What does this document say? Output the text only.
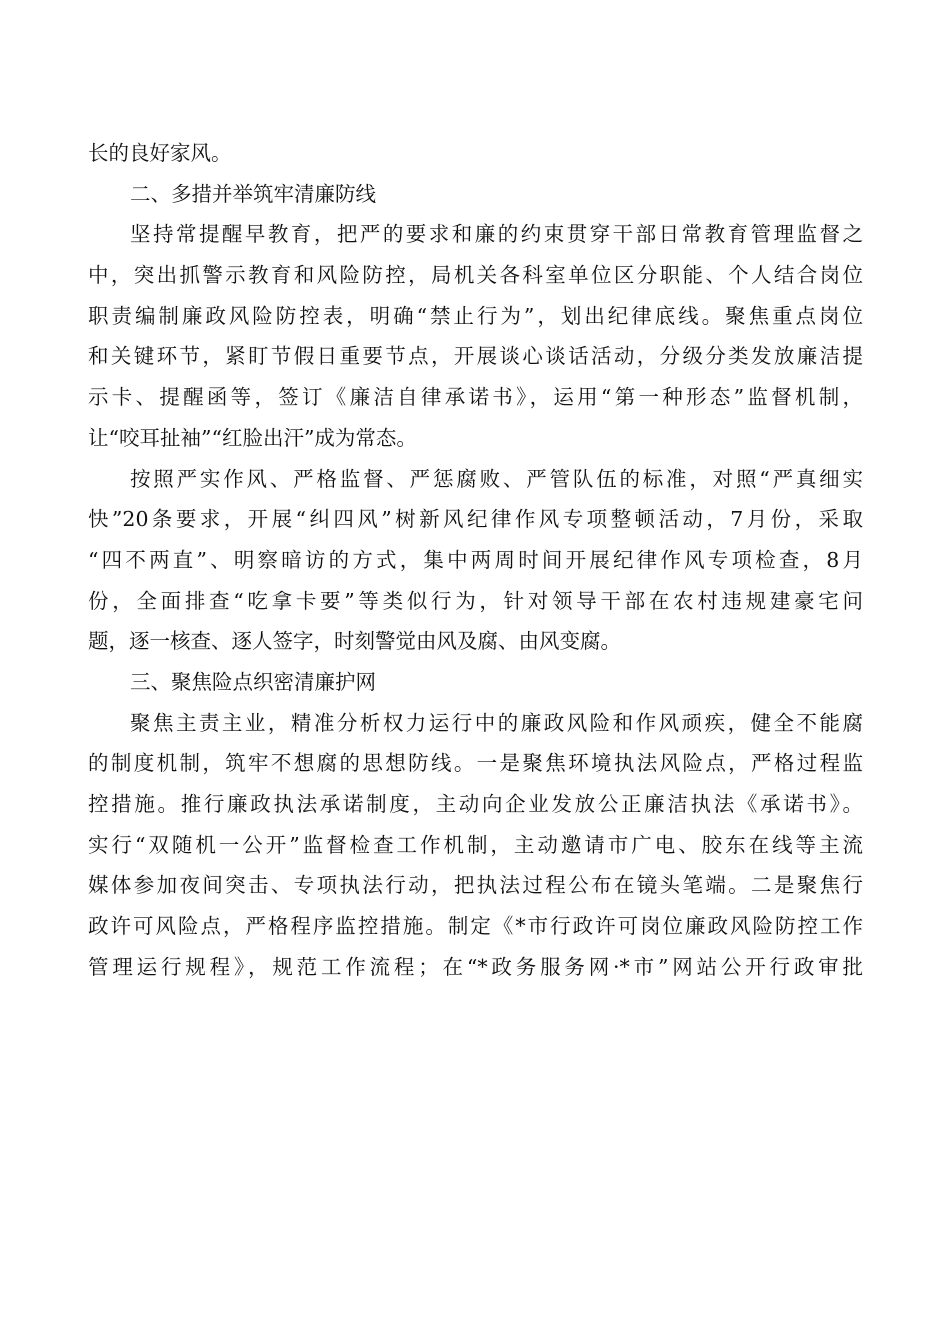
长的良好家风。
二、多措并举筑牢清廉防线
坚持常提醒早教育，把严的要求和廉的约束贯穿干部日常教育管理监督之
中，突出抓警示教育和风险防控，局机关各科室单位区分职能、个人结合岗位
职责编制廉政风险防控表，明确“禁止行为”，划出纪律底线。聚焦重点岗位
和关键环节，紧盯节假日重要节点，开展谈心谈话活动，分级分类发放廉洁提
示卡、提醒函等，签订《廉洁自律承诺书》，运用“第一种形态”监督机制，
让“咬耳扯袖”“红脸出汗”成为常态。
按照严实作风、严格监督、严惩腐败、严管队伍的标准，对照“严真细实
快”20条要求，开展“纠四风”树新风纪律作风专项整顿活动，7月份，采取
“四不两直”、明察暗访的方式，集中两周时间开展纪律作风专项检查，8月
份，全面排查“吃拿卡要”等类似行为，针对领导干部在农村违规建豪宅问
题，逐一核查、逐人签字，时刻警觉由风及腐、由风变腐。
三、聚焦险点织密清廉护网
聚焦主责主业，精准分析权力运行中的廉政风险和作风顽疾，健全不能腐
的制度机制，筑牢不想腐的思想防线。一是聚焦环境执法风险点，严格过程监
控措施。推行廉政执法承诺制度，主动向企业发放公正廉洁执法《承诺书》。
实行“双随机一公开”监督检查工作机制，主动邀请市广电、胶东在线等主流
媒体参加夜间突击、专项执法行动，把执法过程公布在镜头笔端。二是聚焦行
政许可风险点，严格程序监控措施。制定《*市行政许可岗位廉政风险防控工作
管理运行规程》，规范工作流程；在“*政务服务网·*市”网站公开行政审批
